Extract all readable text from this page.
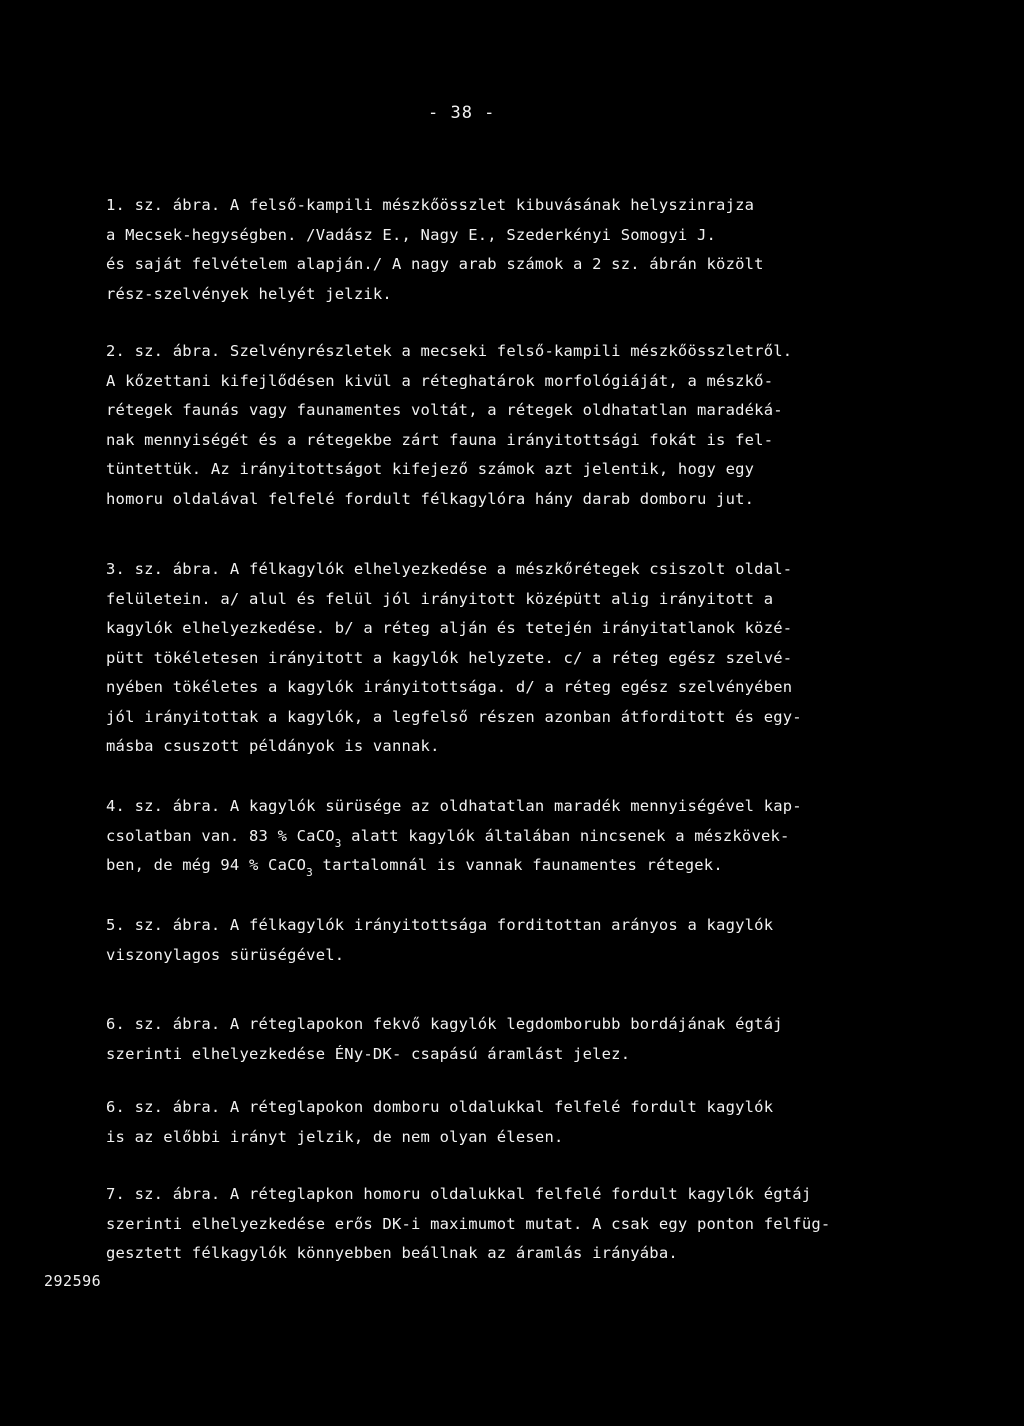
- 38 -
1. sz. ábra. A felső-kampili mészkőösszlet kibuvásának helyszinrajza
a Mecsek-hegységben. /Vadász E., Nagy E., Szederkényi Somogyi J.
és saját felvételem alapján./ A nagy arab számok a 2 sz. ábrán közölt
rész-szelvények helyét jelzik.
2. sz. ábra. Szelvényrészletek a mecseki felső-kampili mészkőösszletről.
A kőzettani kifejlődésen kivül a réteghatárok morfológiáját, a mészkő-
rétegek faunás vagy faunamentes voltát, a rétegek oldhatatlan maradéká-
nak mennyiségét és a rétegekbe zárt fauna irányitottsági fokát is fel-
tüntettük. Az irányitottságot kifejező számok azt jelentik, hogy egy
homoru oldalával felfelé fordult félkagylóra hány darab domboru jut.
3. sz. ábra. A félkagylók elhelyezkedése a mészkőrétegek csiszolt oldal-
felületein. a/ alul és felül jól irányitott középütt alig irányitott a
kagylók elhelyezkedése. b/ a réteg alján és tetején irányitatlanok közé-
pütt tökéletesen irányitott a kagylók helyzete. c/ a réteg egész szelvé-
nyében tökéletes a kagylók irányitottsága. d/ a réteg egész szelvényében
jól irányitottak a kagylók, a legfelső részen azonban átforditott és egy-
másba csuszott példányok is vannak.
4. sz. ábra. A kagylók sürüsége az oldhatatlan maradék mennyiségével kap-
csolatban van. 83 % CaCO$_3$ alatt kagylók általában nincsenek a mészkövek-
ben, de még 94 % CaCO$_3$ tartalomnál is vannak faunamentes rétegek.
5. sz. ábra. A félkagylók irányitottsága forditottan arányos a kagylók
viszonylagos sürüségével.
6. sz. ábra. A réteglapokon fekvő kagylók legdomborubb bordájának égtáj
szerinti elhelyezkedése ÉNy-DK- csapású áramlást jelez.
6. sz. ábra. A réteglapokon domboru oldalukkal felfelé fordult kagylók
is az előbbi irányt jelzik, de nem olyan élesen.
7. sz. ábra. A réteglapkon homoru oldalukkal felfelé fordult kagylók égtáj
szerinti elhelyezkedése erős DK-i maximumot mutat. A csak egy ponton felfüg-
gesztett félkagylók könnyebben beállnak az áramlás irányába.
292596
